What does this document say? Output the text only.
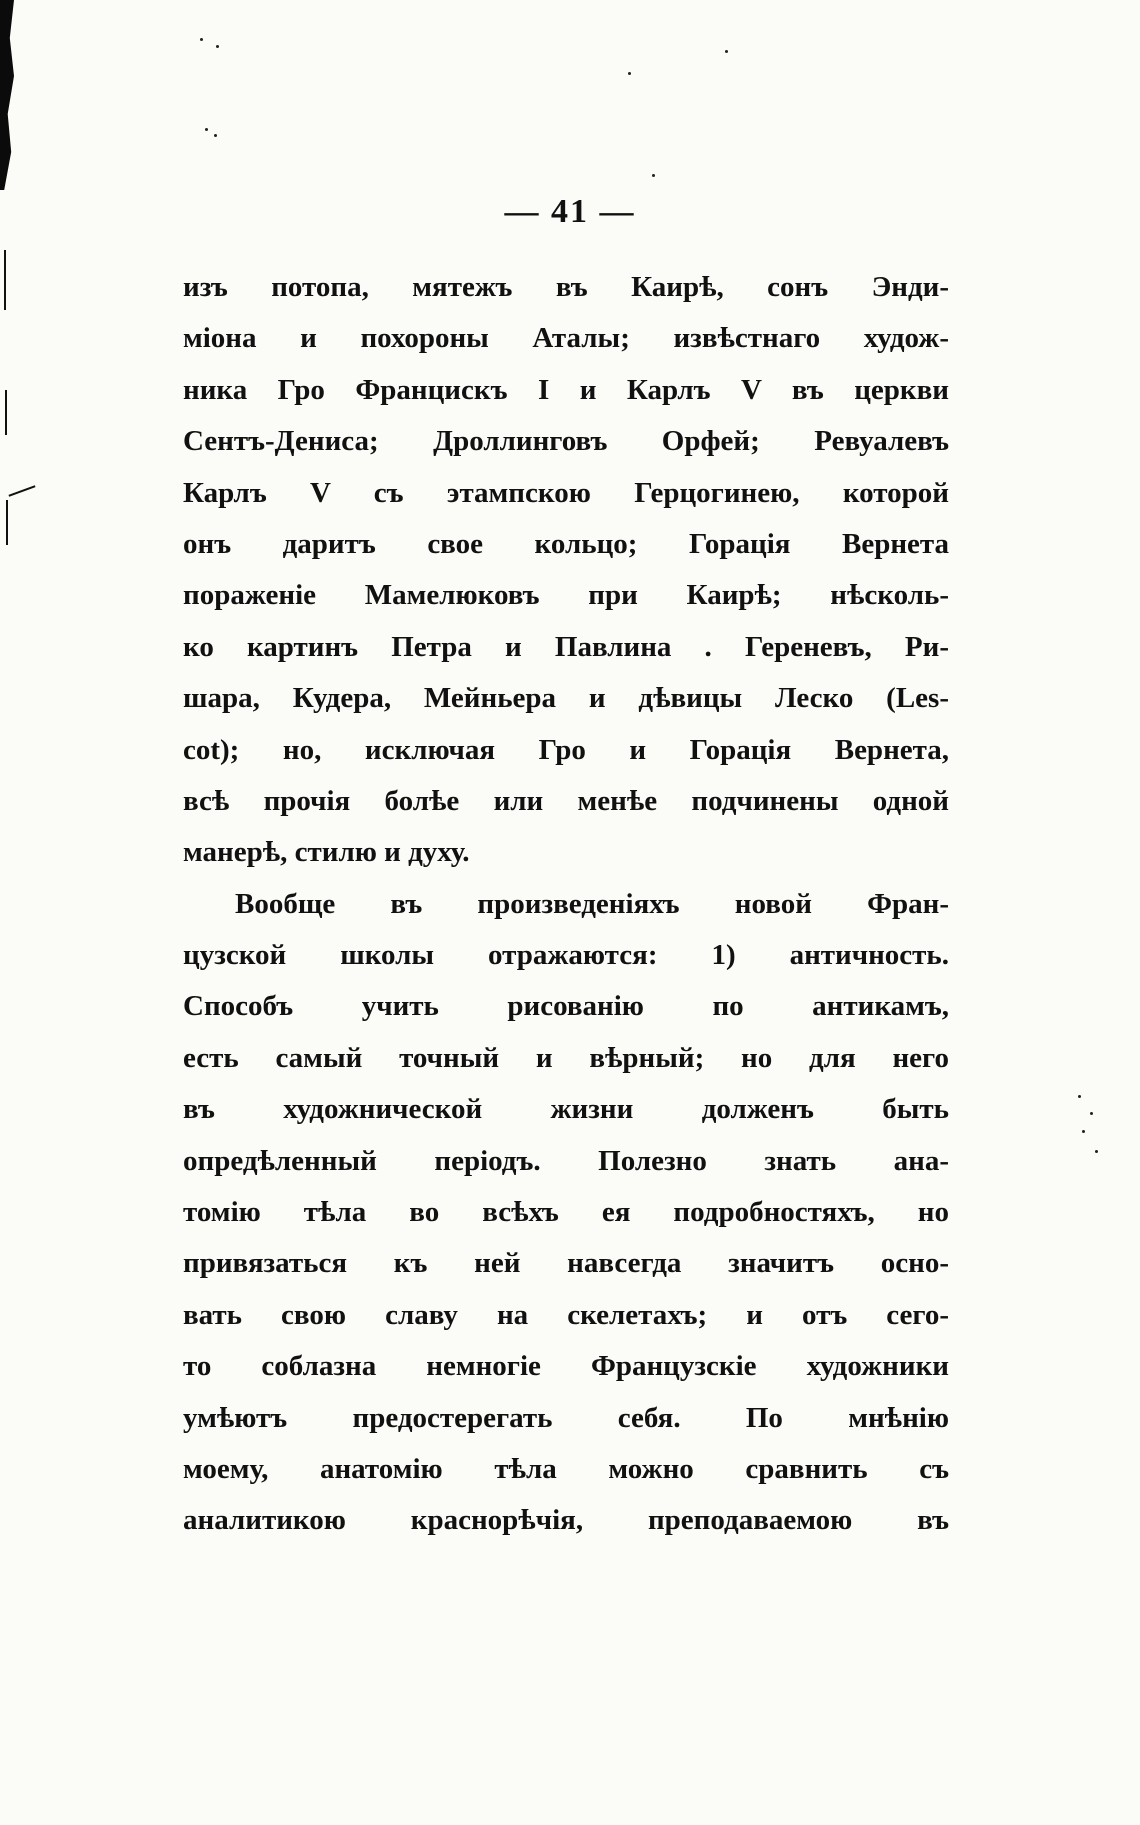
— 41 —
изъ потопа, мятежъ въ Каирѣ, сонъ Энди-
міона и похороны Аталы; извѣстнаго худож-
ника Гро Францискъ I и Карлъ V въ церкви
Сентъ-Дениса; Дроллинговъ Орфей; Ревуалевъ
Карлъ V съ этампскою Герцогинею, которой
онъ даритъ свое кольцо; Горація Вернета
пораженіе Мамелюковъ при Каирѣ; нѣсколь-
ко картинъ Петра и Павлина . Гереневъ, Ри-
шара, Кудера, Мейньера и дѣвицы Леско (Les-
cot); но, исключая Гро и Горація Вернета,
всѣ прочія болѣе или менѣе подчинены одной
манерѣ, стилю и духу.
Вообще въ произведеніяхъ новой Фран-
цузской школы отражаются: 1) античность.
Способъ учить рисованію по антикамъ,
есть самый точный и вѣрный; но для него
въ художнической жизни долженъ быть
опредѣленный періодъ. Полезно знать ана-
томію тѣла во всѣхъ ея подробностяхъ, но
привязаться къ ней навсегда значитъ осно-
вать свою славу на скелетахъ; и отъ сего-
то соблазна немногіе Французскіе художники
умѣютъ предостерегать себя. По мнѣнію
моему, анатомію тѣла можно сравнить съ
аналитикою краснорѣчія, преподаваемою въ
